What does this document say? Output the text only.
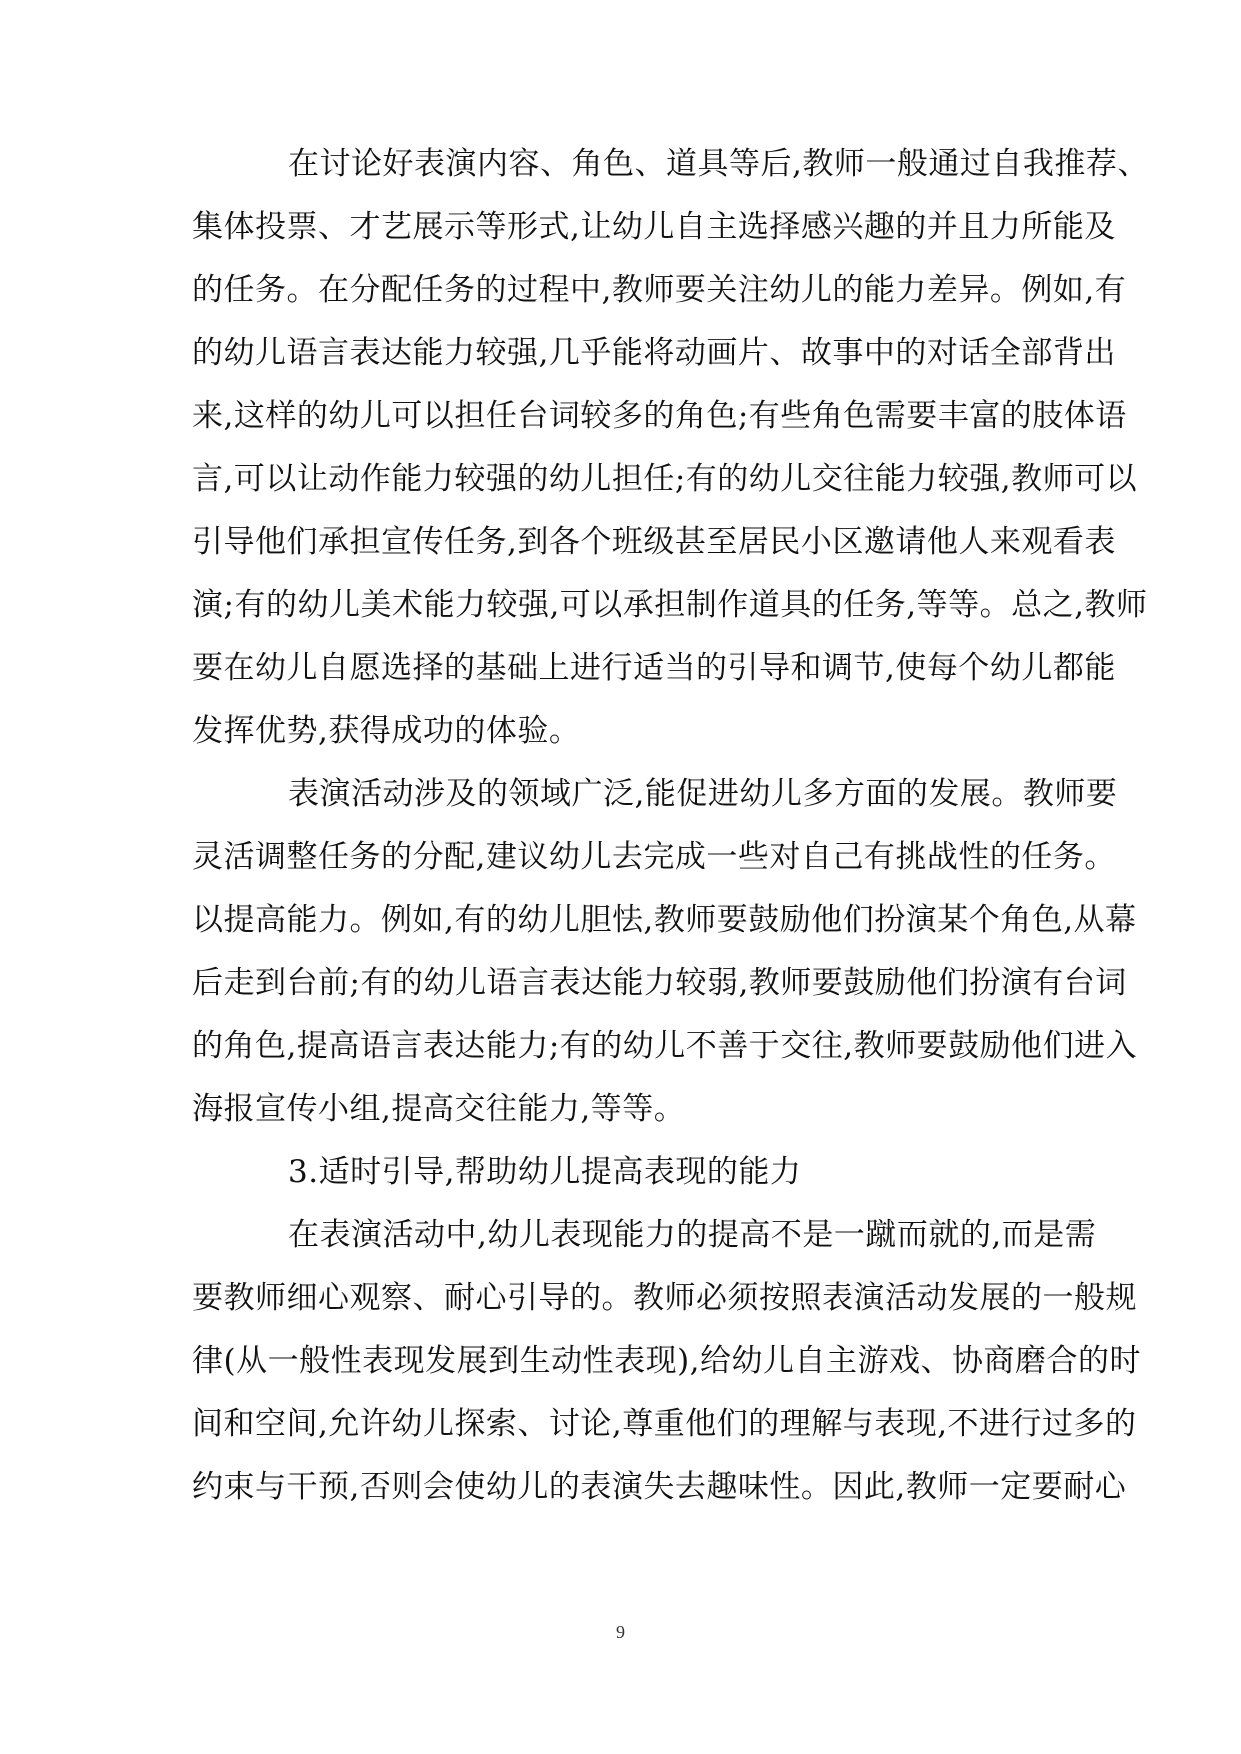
在讨论好表演内容、角色、道具等后,教师一般通过自我推荐、
集体投票、才艺展示等形式,让幼儿自主选择感兴趣的并且力所能及
的任务。在分配任务的过程中,教师要关注幼儿的能力差异。例如,有
的幼儿语言表达能力较强,几乎能将动画片、故事中的对话全部背出
来,这样的幼儿可以担任台词较多的角色;有些角色需要丰富的肢体语
言,可以让动作能力较强的幼儿担任;有的幼儿交往能力较强,教师可以
引导他们承担宣传任务,到各个班级甚至居民小区邀请他人来观看表
演;有的幼儿美术能力较强,可以承担制作道具的任务,等等。总之,教师
要在幼儿自愿选择的基础上进行适当的引导和调节,使每个幼儿都能
发挥优势,获得成功的体验。
表演活动涉及的领域广泛,能促进幼儿多方面的发展。教师要
灵活调整任务的分配,建议幼儿去完成一些对自己有挑战性的任务。
以提高能力。例如,有的幼儿胆怯,教师要鼓励他们扮演某个角色,从幕
后走到台前;有的幼儿语言表达能力较弱,教师要鼓励他们扮演有台词
的角色,提高语言表达能力;有的幼儿不善于交往,教师要鼓励他们进入
海报宣传小组,提高交往能力,等等。
3.适时引导,帮助幼儿提高表现的能力
在表演活动中,幼儿表现能力的提高不是一蹴而就的,而是需
要教师细心观察、耐心引导的。教师必须按照表演活动发展的一般规
律(从一般性表现发展到生动性表现),给幼儿自主游戏、协商磨合的时
间和空间,允许幼儿探索、讨论,尊重他们的理解与表现,不进行过多的
约束与干预,否则会使幼儿的表演失去趣味性。因此,教师一定要耐心
9
